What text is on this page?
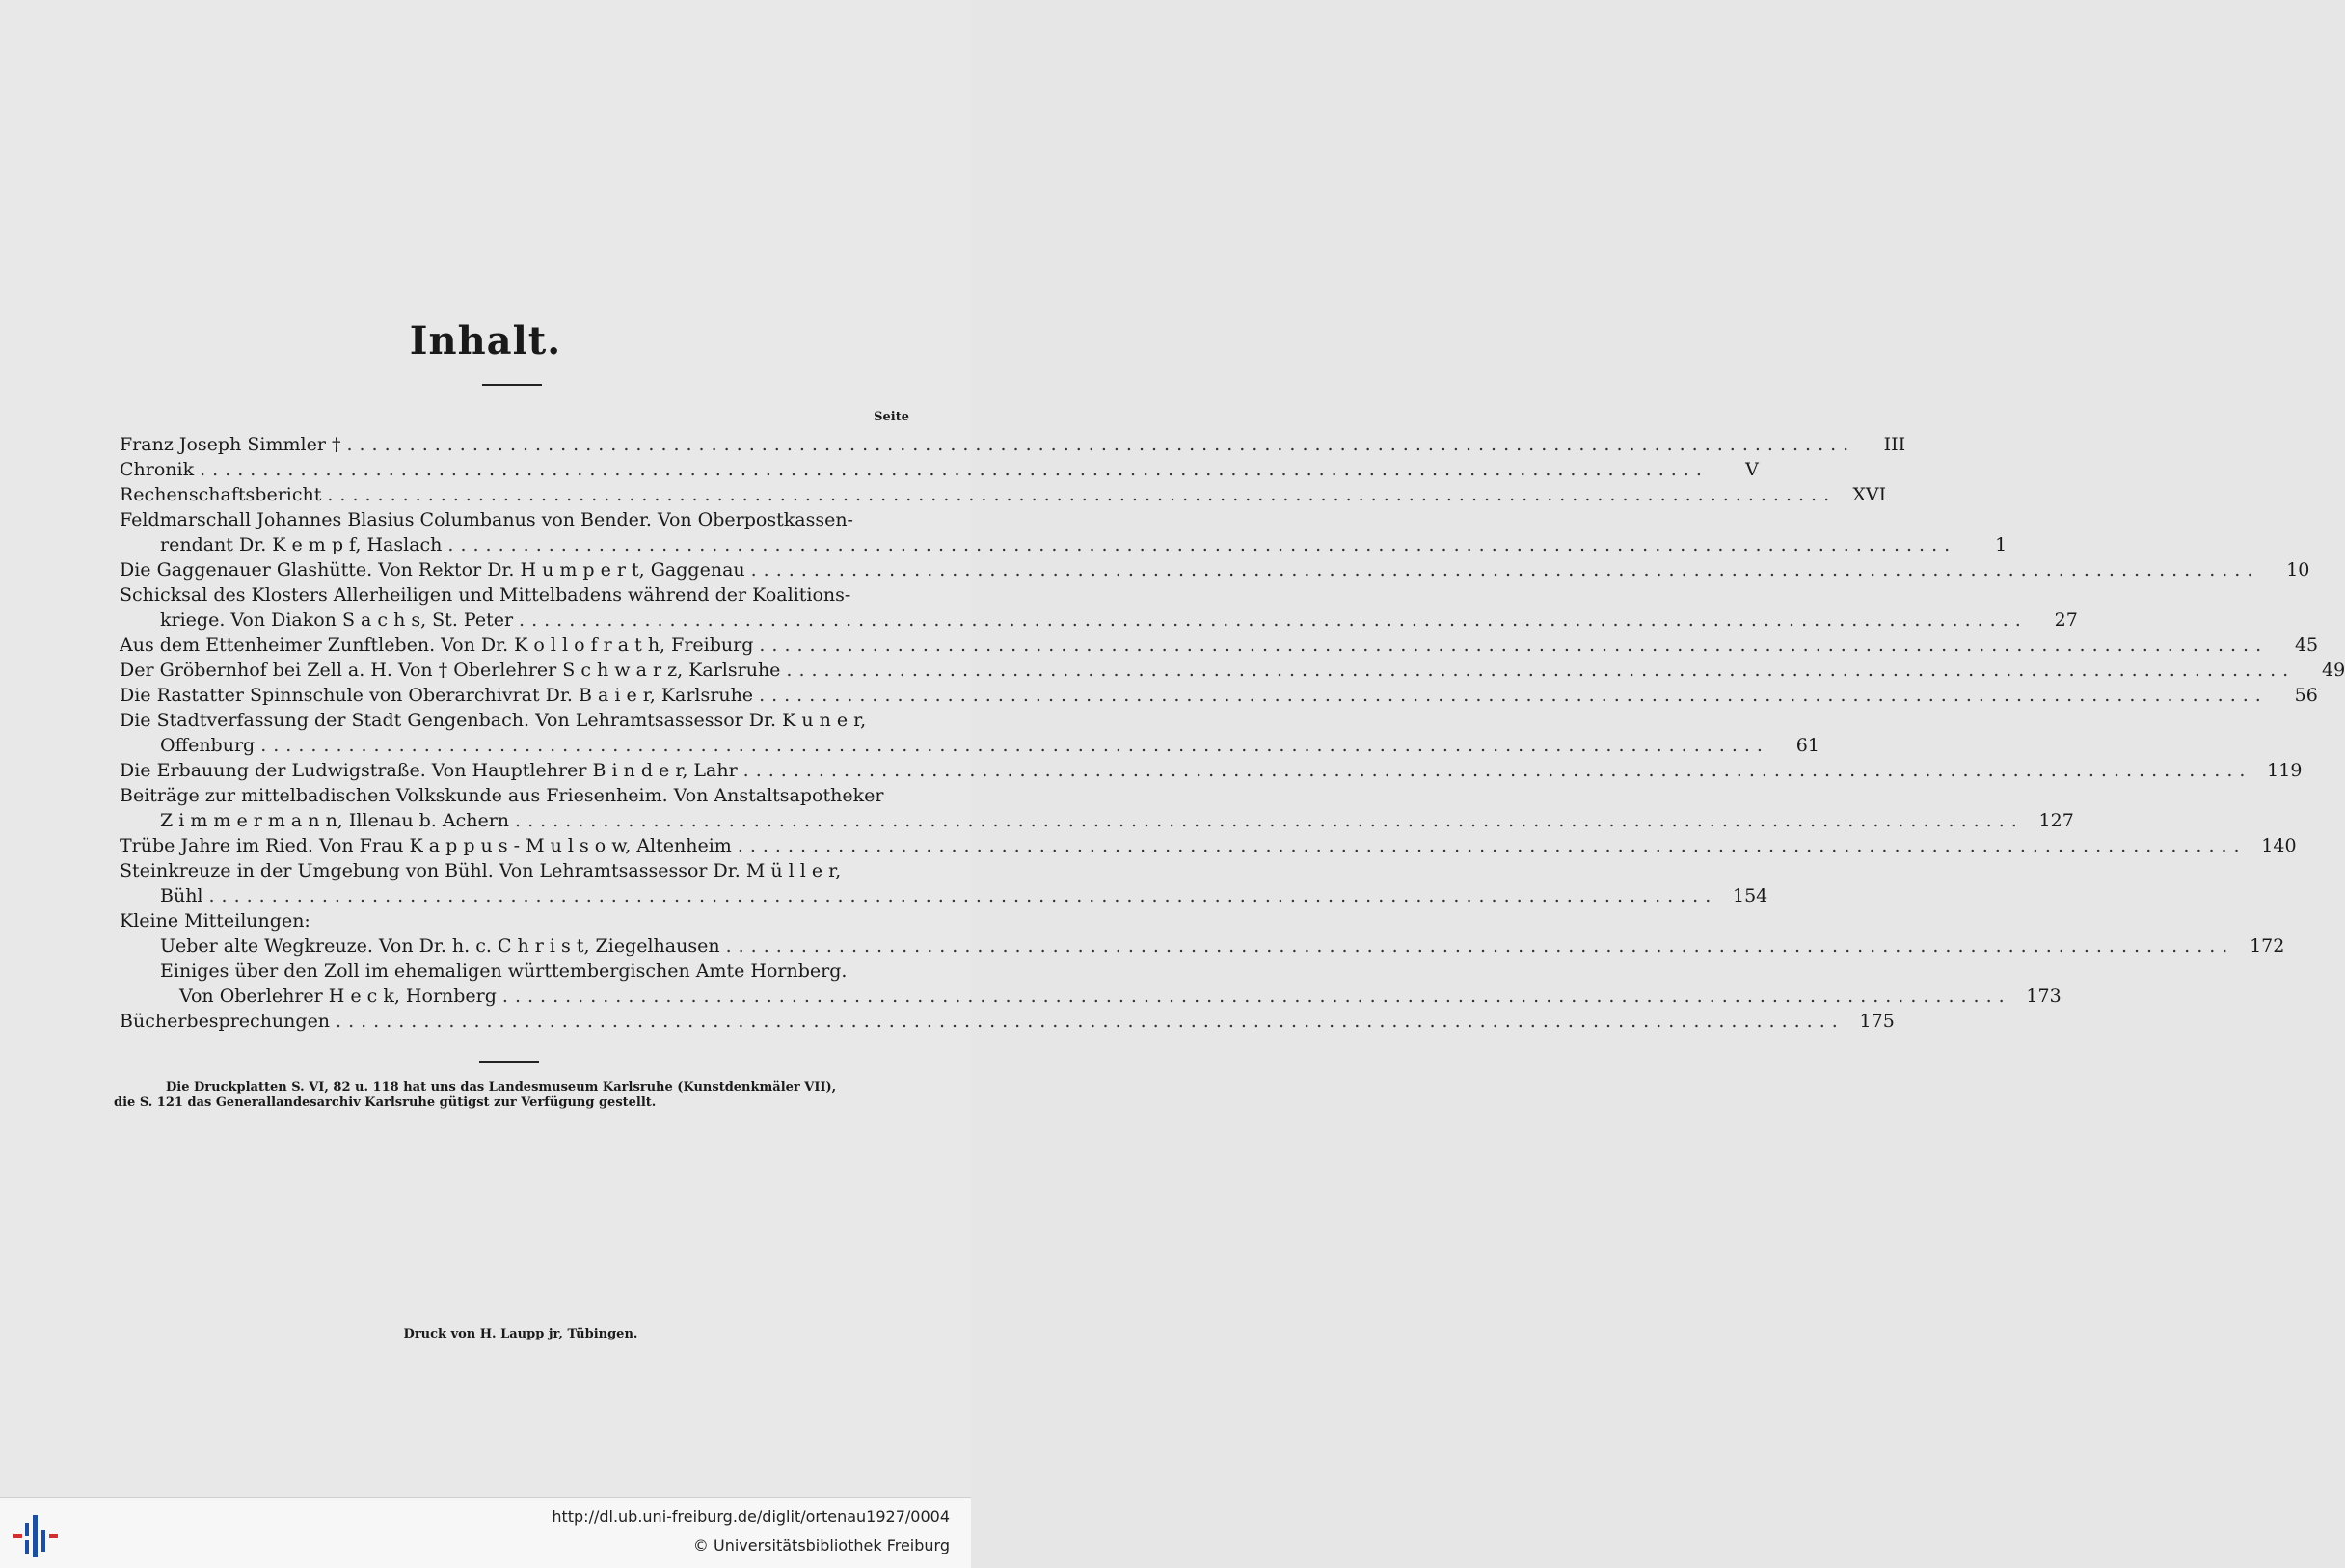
Inhalt.
Seite
Franz Joseph Simmler † ........................................................................................................................	III
Chronik ........................................................................................................................	V
Rechenschaftsbericht ........................................................................................................................ XVI
Feldmarschall Johannes Blasius Columbanus von Bender. Von Oberpostkassen-
rendant Dr. K e m p f, Haslach ........................................................................................................................	1
Die Gaggenauer Glashütte. Von Rektor Dr. H u m p e r t, Gaggenau ........................................................................................................................	10
Schicksal des Klosters Allerheiligen und Mittelbadens während der Koalitions-
kriege. Von Diakon S a c h s, St. Peter ........................................................................................................................	27
Aus dem Ettenheimer Zunftleben. Von Dr. K o l l o f r a t h, Freiburg ........................................................................................................................	45
Der Gröbernhof bei Zell a. H. Von † Oberlehrer S c h w a r z, Karlsruhe ........................................................................................................................	49
Die Rastatter Spinnschule von Oberarchivrat Dr. B a i e r, Karlsruhe ........................................................................................................................	56
Die Stadtverfassung der Stadt Gengenbach. Von Lehramtsassessor Dr. K u n e r,
Offenburg ........................................................................................................................	61
Die Erbauung der Ludwigstraße. Von Hauptlehrer B i n d e r, Lahr ........................................................................................................................ 119
Beiträge zur mittelbadischen Volkskunde aus Friesenheim. Von Anstaltsapotheker
Z i m m e r m a n n, Illenau b. Achern ........................................................................................................................ 127
Trübe Jahre im Ried. Von Frau K a p p u s - M u l s o w, Altenheim ........................................................................................................................ 140
Steinkreuze in der Umgebung von Bühl. Von Lehramtsassessor Dr. M ü l l e r,
Bühl ........................................................................................................................ 154
Kleine Mitteilungen:
Ueber alte Wegkreuze. Von Dr. h. c. C h r i s t, Ziegelhausen ........................................................................................................................ 172
Einiges über den Zoll im ehemaligen württembergischen Amte Hornberg.
Von Oberlehrer H e c k, Hornberg ........................................................................................................................ 173
Bücherbesprechungen ........................................................................................................................ 175
Die Druckplatten S. VI, 82 u. 118 hat uns das Landesmuseum Karlsruhe (Kunstdenkmäler VII),
die S. 121 das Generallandesarchiv Karlsruhe gütigst zur Verfügung gestellt.
Druck von H. Laupp jr, Tübingen.
http://dl.ub.uni-freiburg.de/diglit/ortenau1927/0004
© Universitätsbibliothek Freiburg
